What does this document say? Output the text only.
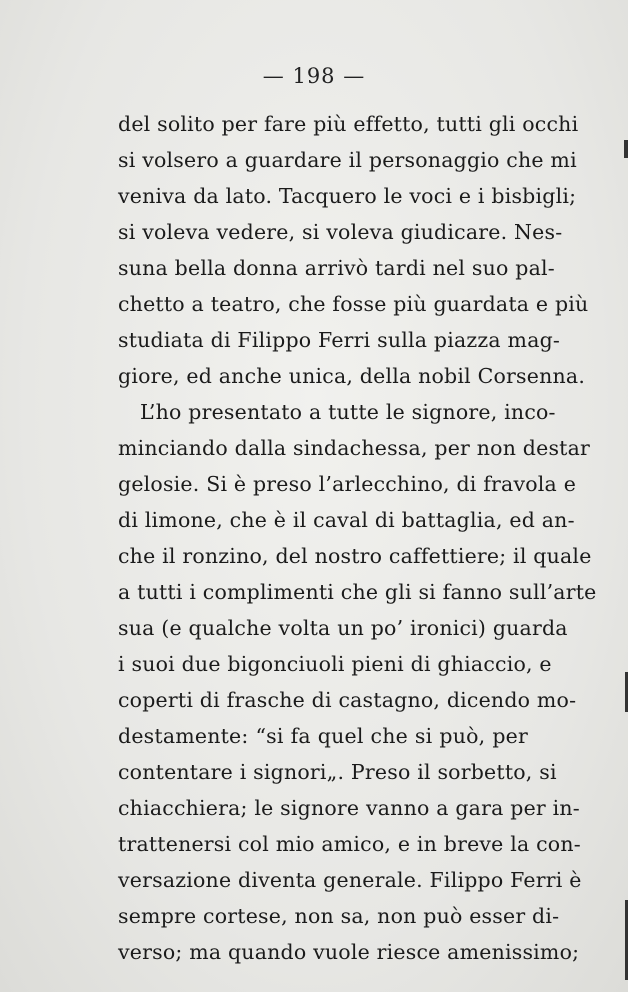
— 198 —
del solito per fare più effetto, tutti gli occhi
si volsero a guardare il personaggio che mi
veniva da lato. Tacquero le voci e i bisbigli;
si voleva vedere, si voleva giudicare. Nes-
suna bella donna arrivò tardi nel suo pal-
chetto a teatro, che fosse più guardata e più
studiata di Filippo Ferri sulla piazza mag-
giore, ed anche unica, della nobil Corsenna.
L’ho presentato a tutte le signore, inco-
minciando dalla sindachessa, per non destar
gelosie. Si è preso l’arlecchino, di fravola e
di limone, che è il caval di battaglia, ed an-
che il ronzino, del nostro caffettiere; il quale
a tutti i complimenti che gli si fanno sull’arte
sua (e qualche volta un po’ ironici) guarda
i suoi due bigonciuoli pieni di ghiaccio, e
coperti di frasche di castagno, dicendo mo-
destamente: “si fa quel che si può, per
contentare i signori„. Preso il sorbetto, si
chiacchiera; le signore vanno a gara per in-
trattenersi col mio amico, e in breve la con-
versazione diventa generale. Filippo Ferri è
sempre cortese, non sa, non può esser di-
verso; ma quando vuole riesce amenissimo;
